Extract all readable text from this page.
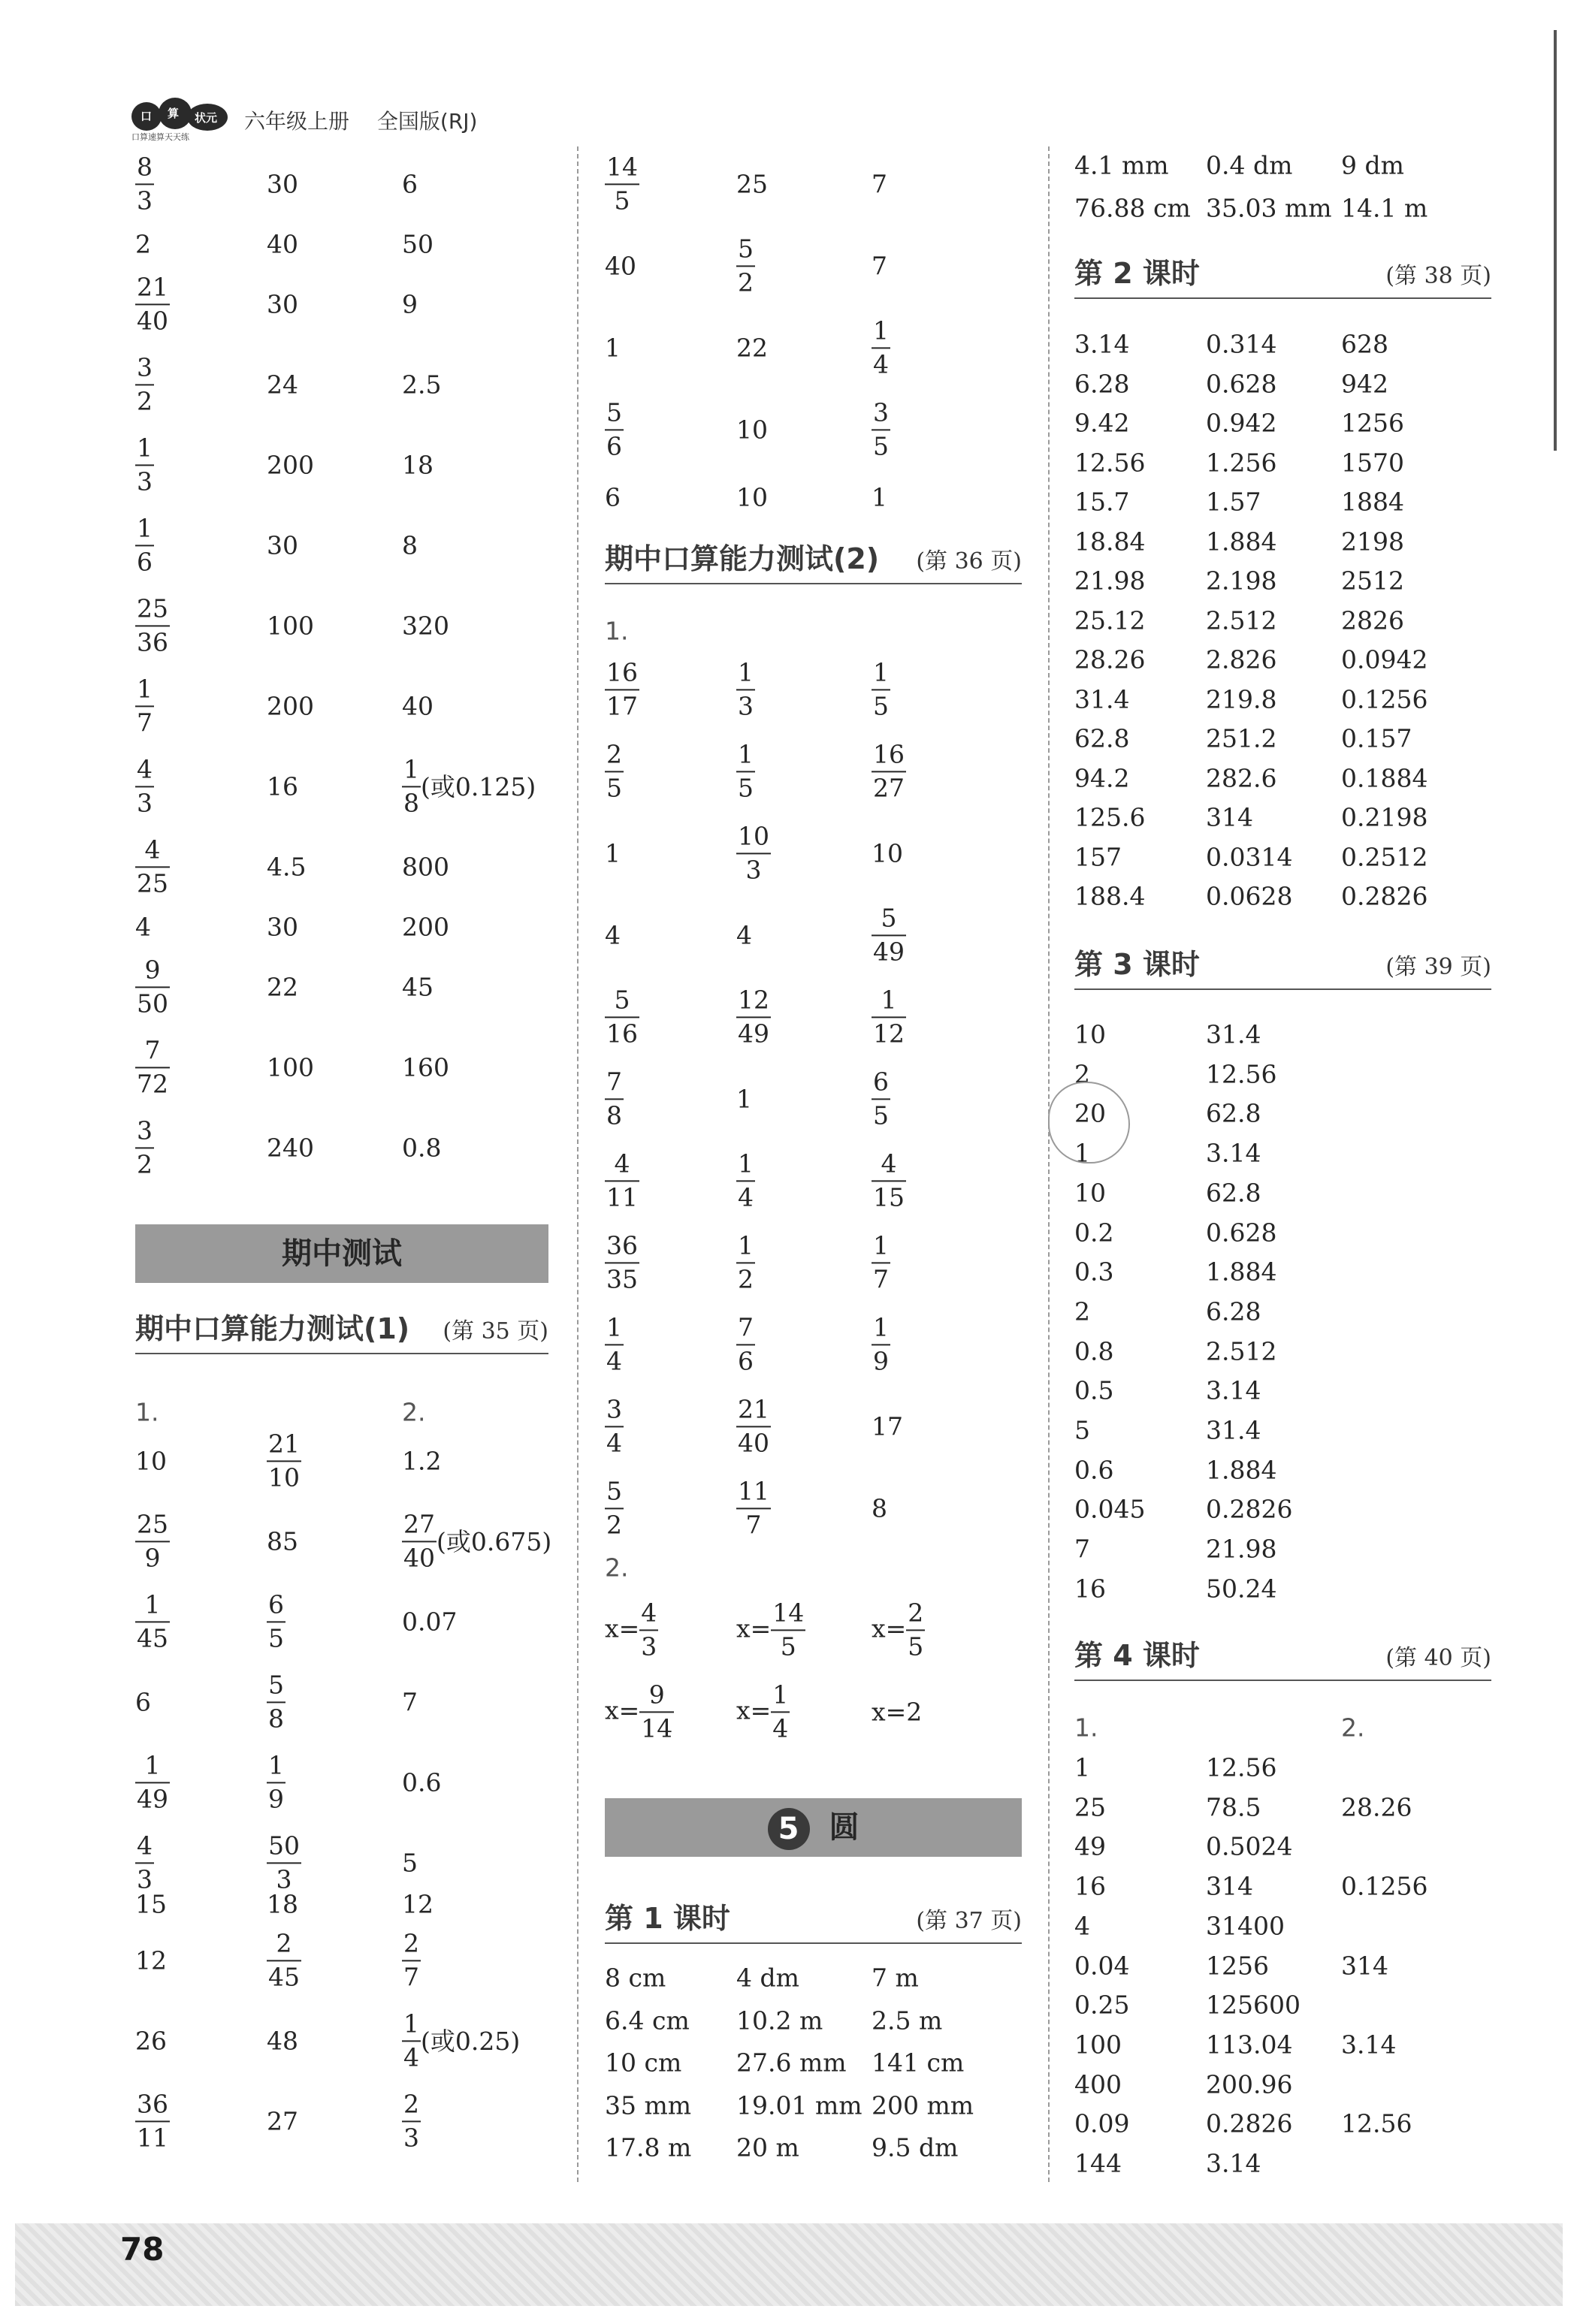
口 算 状元
口算速算天天练
六年级上册 全国版(RJ)
$\frac{8}{3}$	30	6
2	40	50
$\frac{21}{40}$	30	9
$\frac{3}{2}$	24	2.5
$\frac{1}{3}$	200	18
$\frac{1}{6}$	30	8
$\frac{25}{36}$	100	320
$\frac{1}{7}$	200	40
$\frac{4}{3}$	16	$\frac{1}{8}$ (或0.125)
$\frac{4}{25}$	4.5	800
4	30	200
$\frac{9}{50}$	22	45
$\frac{7}{72}$	100	160
$\frac{3}{2}$	240	0.8
期中测试
期中口算能力测试(1) (第 35 页)
1.	2.
10	$\frac{21}{10}$	1.2
$\frac{25}{9}$	85	$\frac{27}{40}$ (或0.675)
$\frac{1}{45}$	$\frac{6}{5}$	0.07
6	$\frac{5}{8}$	7
$\frac{1}{49}$	$\frac{1}{9}$	0.6
$\frac{4}{3}$	$\frac{50}{3}$	5
15	18	12
12	$\frac{2}{45}$	$\frac{2}{7}$
26	48	$\frac{1}{4}$ (或0.25)
$\frac{36}{11}$	27	$\frac{2}{3}$
$\frac{14}{5}$	25	7
40	$\frac{5}{2}$	7
1	22	$\frac{1}{4}$
$\frac{5}{6}$	10	$\frac{3}{5}$
6	10	1
期中口算能力测试(2) (第 36 页)
1.
$\frac{16}{17}$	$\frac{1}{3}$	$\frac{1}{5}$
$\frac{2}{5}$	$\frac{1}{5}$	$\frac{16}{27}$
1	$\frac{10}{3}$	10
4	4	$\frac{5}{49}$
$\frac{5}{16}$	$\frac{12}{49}$	$\frac{1}{12}$
$\frac{7}{8}$	1	$\frac{6}{5}$
$\frac{4}{11}$	$\frac{1}{4}$	$\frac{4}{15}$
$\frac{36}{35}$	$\frac{1}{2}$	$\frac{1}{7}$
$\frac{1}{4}$	$\frac{7}{6}$	$\frac{1}{9}$
$\frac{3}{4}$	$\frac{21}{40}$	17
$\frac{5}{2}$	$\frac{11}{7}$	8
2.
$x= \frac{4}{3}$	$x= \frac{14}{5}$	$x= \frac{2}{5}$
$x= \frac{9}{14}$	$x= \frac{1}{4}$	x=2
5 圆
第 1 课时	(第 37 页)
8 cm	4 dm	7 m
6.4 cm 10.2 m 2.5 m
10 cm 27.6 mm 141 cm
35 mm 19.01 mm 200 mm
17.8 m 20 m	9.5 dm
4.1 mm 0.4 dm 9 dm
76.88 cm 35.03 mm 14.1 m
第 2 课时	(第 38 页)
3.14	0.314	628
6.28	0.628	942
9.42	0.942	1256
12.56 1.256	1570
15.7	1.57	1884
18.84 1.884	2198
21.98 2.198	2512
25.12 2.512	2826
28.26 2.826	0.0942
31.4	219.8	0.1256
62.8	251.2	0.157
94.2	282.6	0.1884
125.6 314	0.2198
157	0.0314 0.2512
188.4 0.0628 0.2826
第 3 课时	(第 39 页)
10	31.4
2	12.56
20	62.8
1	3.14
10	62.8
0.2	0.628
0.3	1.884
2	6.28
0.8	2.512
0.5	3.14
5	31.4
0.6	1.884
0.045 0.2826
7	21.98
16	50.24
第 4 课时	(第 40 页)
1.	2.
1	12.56
25	78.5	28.26
49	0.5024
16	314	0.1256
4	31400
0.04	1256	314
0.25	125600
100	113.04 3.14
400	200.96
0.09	0.2826 12.56
144	3.14
78
